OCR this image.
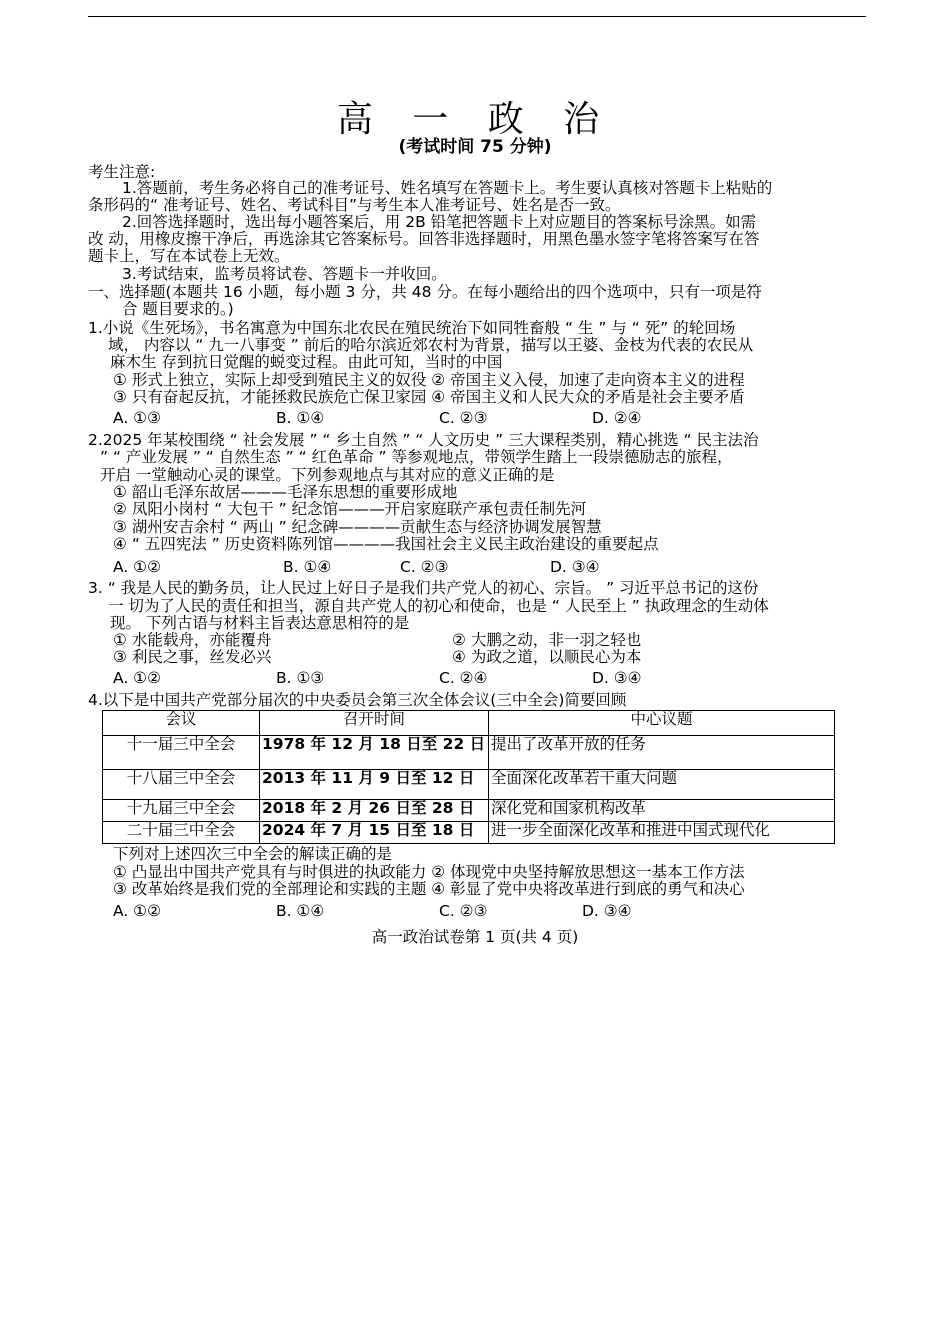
高 一 政 治
(考试时间 75 分钟)
考生注意:
1.答题前，考生务必将自己的准考证号、姓名填写在答题卡上。考生要认真核对答题卡上粘贴的
条形码的“ 准考证号、姓名、考试科目”与考生本人准考证号、姓名是否一致。
2.回答选择题时，选出每小题答案后，用 2B 铅笔把答题卡上对应题目的答案标号涂黑。如需
改 动，用橡皮擦干净后，再选涂其它答案标号。回答非选择题时，用黑色墨水签字笔将答案写在答
题卡上，写在本试卷上无效。
3.考试结束，监考员将试卷、答题卡一并收回。
一、选择题(本题共 16 小题，每小题 3 分，共 48 分。在每小题给出的四个选项中，只有一项是符
合 题目要求的。)
1.小说《生死场》，书名寓意为中国东北农民在殖民统治下如同牲畜般 “ 生 ” 与 “ 死” 的轮回场
域， 内容以 “ 九一八事变 ” 前后的哈尔滨近郊农村为背景，描写以王婆、金枝为代表的农民从
麻木生 存到抗日觉醒的蜕变过程。由此可知，当时的中国
① 形式上独立，实际上却受到殖民主义的奴役 ② 帝国主义入侵，加速了走向资本主义的进程
③ 只有奋起反抗，才能拯救民族危亡保卫家园 ④ 帝国主义和人民大众的矛盾是社会主要矛盾
A. ①③	B. ①④	C. ②③	D. ②④
2.2025 年某校围绕 “ 社会发展 ” “ 乡土自然 ” “ 人文历史 ” 三大课程类别，精心挑选 “ 民主法治
” “ 产业发展 ” “ 自然生态 ” “ 红色革命 ” 等参观地点，带领学生踏上一段崇德励志的旅程，
开启 一堂触动心灵的课堂。下列参观地点与其对应的意义正确的是
① 韶山毛泽东故居———毛泽东思想的重要形成地
② 凤阳小岗村 “ 大包干 ” 纪念馆———开启家庭联产承包责任制先河
③ 湖州安吉余村 “ 两山 ” 纪念碑————贡献生态与经济协调发展智慧
④ “ 五四宪法 ” 历史资料陈列馆————我国社会主义民主政治建设的重要起点
A. ①②	B. ①④	C. ②③	D. ③④
3. “ 我是人民的勤务员，让人民过上好日子是我们共产党人的初心、宗旨。 ” 习近平总书记的这份
一 切为了人民的责任和担当，源自共产党人的初心和使命，也是 “ 人民至上 ” 执政理念的生动体
现。 下列古语与材料主旨表达意思相符的是
① 水能载舟，亦能覆舟	② 大鹏之动，非一羽之轻也
③ 利民之事，丝发必兴	④ 为政之道，以顺民心为本
A. ①②	B. ①③	C. ②④	D. ③④
4.以下是中国共产党部分届次的中央委员会第三次全体会议(三中全会)简要回顾
会议	召开时间	中心议题
十一届三中全会	1978 年 12 月 18 日至 22 日	提出了改革开放的任务
十八届三中全会	2013 年 11 月 9 日至 12 日	全面深化改革若干重大问题
十九届三中全会	2018 年 2 月 26 日至 28 日	深化党和国家机构改革
二十届三中全会	2024 年 7 月 15 日至 18 日	进一步全面深化改革和推进中国式现代化
下列对上述四次三中全会的解读正确的是
① 凸显出中国共产党具有与时俱进的执政能力 ② 体现党中央坚持解放思想这一基本工作方法
③ 改革始终是我们党的全部理论和实践的主题 ④ 彰显了党中央将改革进行到底的勇气和决心
A. ①②	B. ①④	C. ②③	D. ③④
高一政治试卷第 1 页(共 4 页)
